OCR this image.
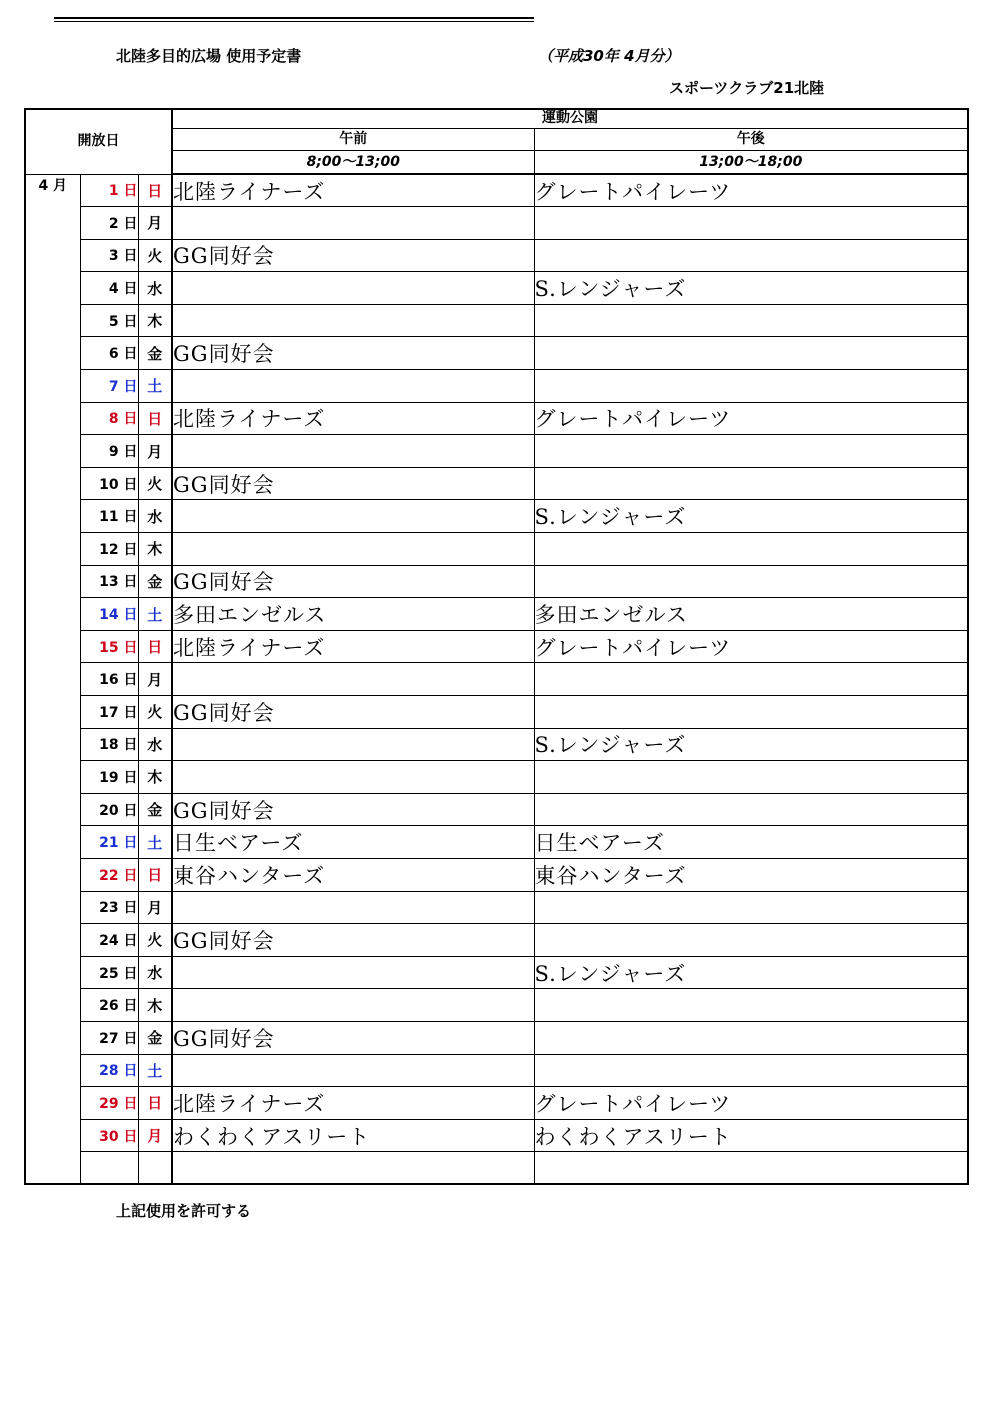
北陸多目的広場 使用予定書	（平成30年 4月分）
スポーツクラブ21北陸
開放日			運動公園	
			午前	午後
			8;00～13;00	13;00～18;00
4 月	1 日	日	北陸ライナーズ	グレートパイレーツ
	2 日	月		
	3 日	火	GG同好会	
	4 日	水		S.レンジャーズ
	5 日	木		
	6 日	金	GG同好会	
	7 日	土		
	8 日	日	北陸ライナーズ	グレートパイレーツ
	9 日	月		
	10 日	火	GG同好会	
	11 日	水		S.レンジャーズ
	12 日	木		
	13 日	金	GG同好会	
	14 日	土	多田エンゼルス	多田エンゼルス
	15 日	日	北陸ライナーズ	グレートパイレーツ
	16 日	月		
	17 日	火	GG同好会	
	18 日	水		S.レンジャーズ
	19 日	木		
	20 日	金	GG同好会	
	21 日	土	日生ベアーズ	日生ベアーズ
	22 日	日	東谷ハンターズ	東谷ハンターズ
	23 日	月		
	24 日	火	GG同好会	
	25 日	水		S.レンジャーズ
	26 日	木		
	27 日	金	GG同好会	
	28 日	土		
	29 日	日	北陸ライナーズ	グレートパイレーツ
	30 日	月	わくわくアスリート	わくわくアスリート

上記使用を許可する
